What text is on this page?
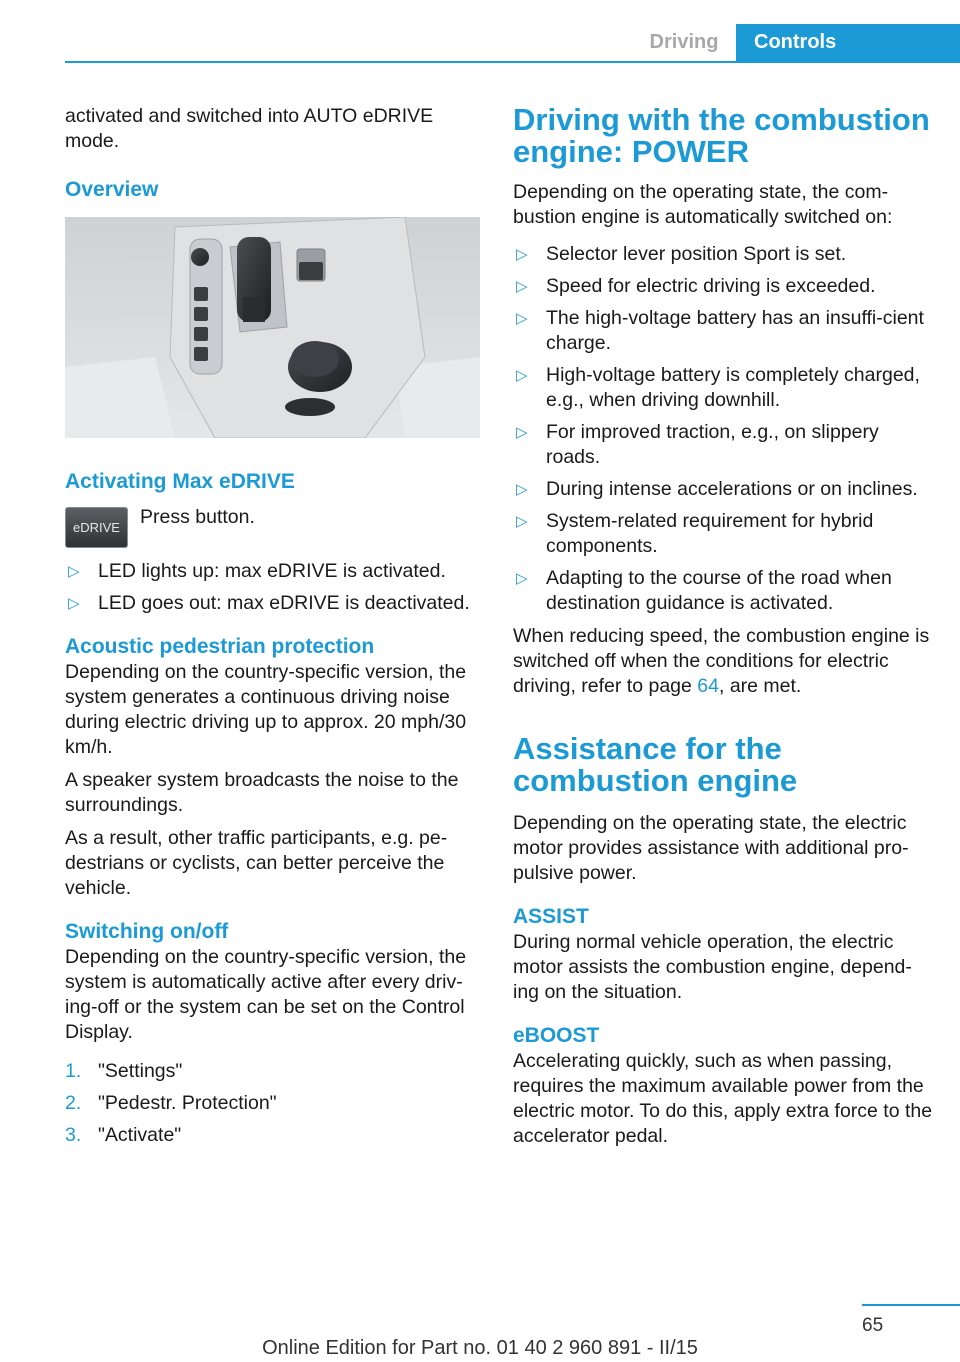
Driving	Controls

activated and switched into AUTO eDRIVE mode.

Overview
Activating Max eDRIVE
eDRIVE	Press button.
▷ LED lights up: max eDRIVE is activated.
▷ LED goes out: max eDRIVE is deactivated.
Acoustic pedestrian protection

Depending on the country-specific version, the system generates a continuous driving noise during electric driving up to approx. 20 mph/30 km/h.

A speaker system broadcasts the noise to the surroundings.

As a result, other traffic participants, e.g. pe‐destrians or cyclists, can better perceive the vehicle.

Switching on/off

Depending on the country-specific version, the system is automatically active after every driv‐ing-off or the system can be set on the Control Display.

1. "Settings"
2. "Pedestr. Protection"
3. "Activate"
Driving with the combustion engine: POWER

Depending on the operating state, the com‐bustion engine is automatically switched on:

▷ Selector lever position Sport is set.
▷ Speed for electric driving is exceeded.
▷ The high-voltage battery has an insuffi‐cient charge.
▷ High-voltage battery is completely charged, e.g., when driving downhill.
▷ For improved traction, e.g., on slippery roads.
▷ During intense accelerations or on inclines.
▷ System-related requirement for hybrid components.
▷ Adapting to the course of the road when destination guidance is activated.

When reducing speed, the combustion engine is switched off when the conditions for electric driving, refer to page 64, are met.

Assistance for the combustion engine

Depending on the operating state, the electric motor provides assistance with additional pro‐pulsive power.

ASSIST

During normal vehicle operation, the electric motor assists the combustion engine, depend‐ing on the situation.

eBOOST

Accelerating quickly, such as when passing, requires the maximum available power from the electric motor. To do this, apply extra force to the accelerator pedal.

65
Online Edition for Part no. 01 40 2 960 891 - II/15
